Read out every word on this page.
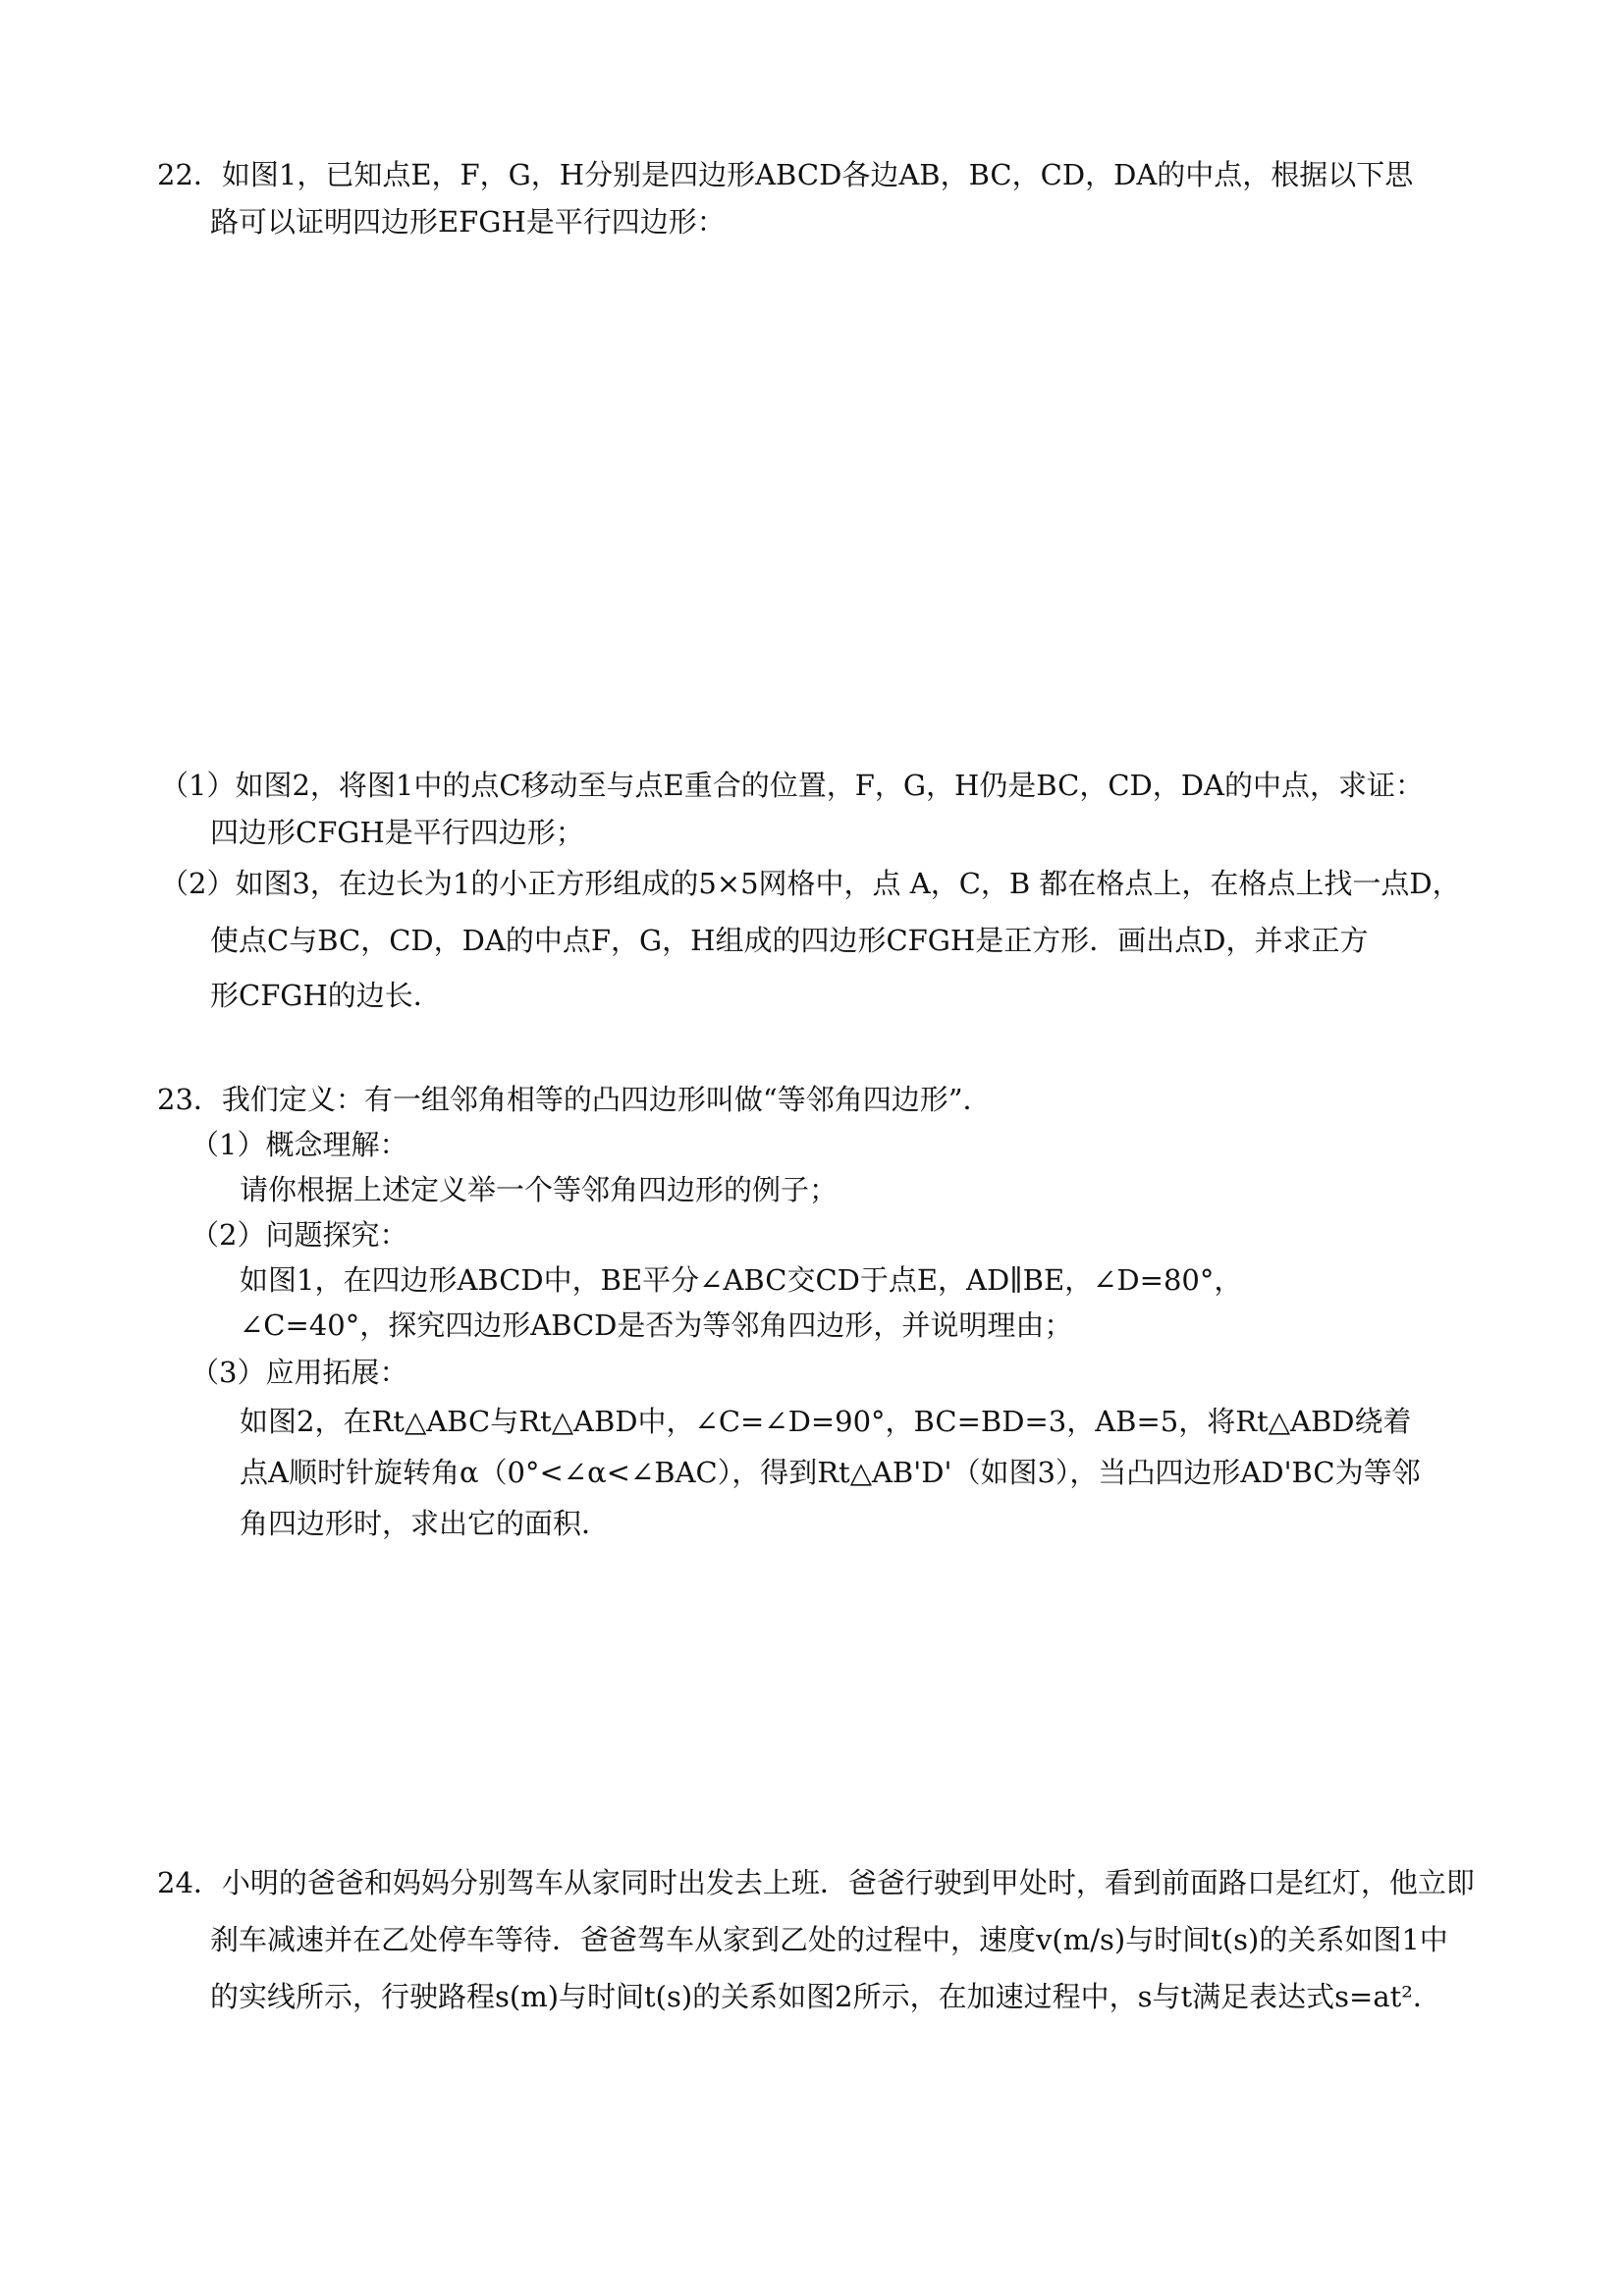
22．如图1，已知点E，F，G，H分别是四边形ABCD各边AB，BC，CD，DA的中点，根据以下思
路可以证明四边形EFGH是平行四边形：
（1）如图2，将图1中的点C移动至与点E重合的位置，F，G，H仍是BC，CD，DA的中点，求证：
四边形CFGH是平行四边形；
（2）如图3，在边长为1的小正方形组成的5×5网格中，点 A，C，B 都在格点上，在格点上找一点D，
使点C与BC，CD，DA的中点F，G，H组成的四边形CFGH是正方形．画出点D，并求正方
形CFGH的边长．
23．我们定义：有一组邻角相等的凸四边形叫做“等邻角四边形”．
（1）概念理解：
请你根据上述定义举一个等邻角四边形的例子；
（2）问题探究：
如图1，在四边形ABCD中，BE平分∠ABC交CD于点E，AD∥BE，∠D=80°，
∠C=40°，探究四边形ABCD是否为等邻角四边形，并说明理由；
（3）应用拓展：
如图2，在Rt△ABC与Rt△ABD中，∠C=∠D=90°，BC=BD=3，AB=5，将Rt△ABD绕着
点A顺时针旋转角α（0°<∠α<∠BAC），得到Rt△AB'D'（如图3），当凸四边形AD'BC为等邻
角四边形时，求出它的面积．
24．小明的爸爸和妈妈分别驾车从家同时出发去上班．爸爸行驶到甲处时，看到前面路口是红灯，他立即
刹车减速并在乙处停车等待．爸爸驾车从家到乙处的过程中，速度v(m/s)与时间t(s)的关系如图1中
的实线所示，行驶路程s(m)与时间t(s)的关系如图2所示，在加速过程中，s与t满足表达式s=at²．
